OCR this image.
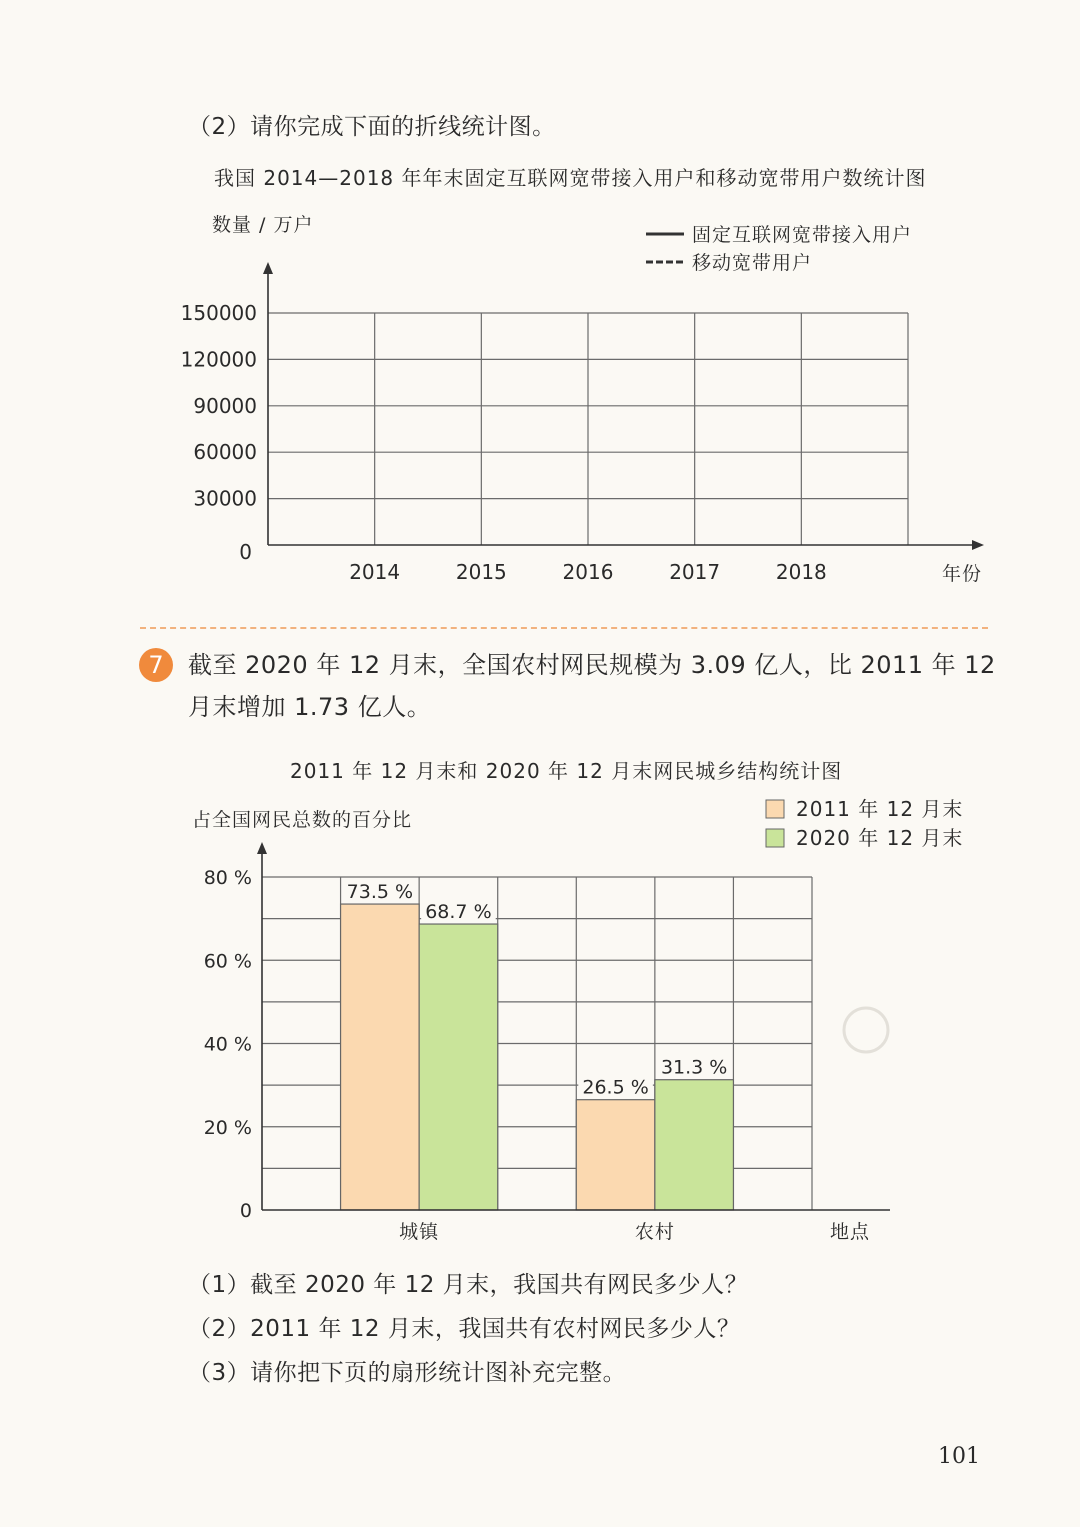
（2）请你完成下面的折线统计图。
我国 2014—2018 年年末固定互联网宽带接入用户和移动宽带用户数统计图
数量 / 万户
150000
120000
90000
60000
30000
0
2014	2015	2016	2017	2018	年份
固定互联网宽带接入用户
移动宽带用户
7	截至 2020 年 12 月末，全国农村网民规模为 3.09 亿人，比 2011 年 12
月末增加 1.73 亿人。
2011 年 12 月末和 2020 年 12 月末网民城乡结构统计图
占全国网民总数的百分比
73.5 %
68.7 %
城镇
26.5 %
31.3 %
农村
80 %
60 %
40 %
20 %
0
地点
2011 年 12 月末
2020 年 12 月末
（1）截至 2020 年 12 月末，我国共有网民多少人？
（2）2011 年 12 月末，我国共有农村网民多少人？
（3）请你把下页的扇形统计图补充完整。
101
